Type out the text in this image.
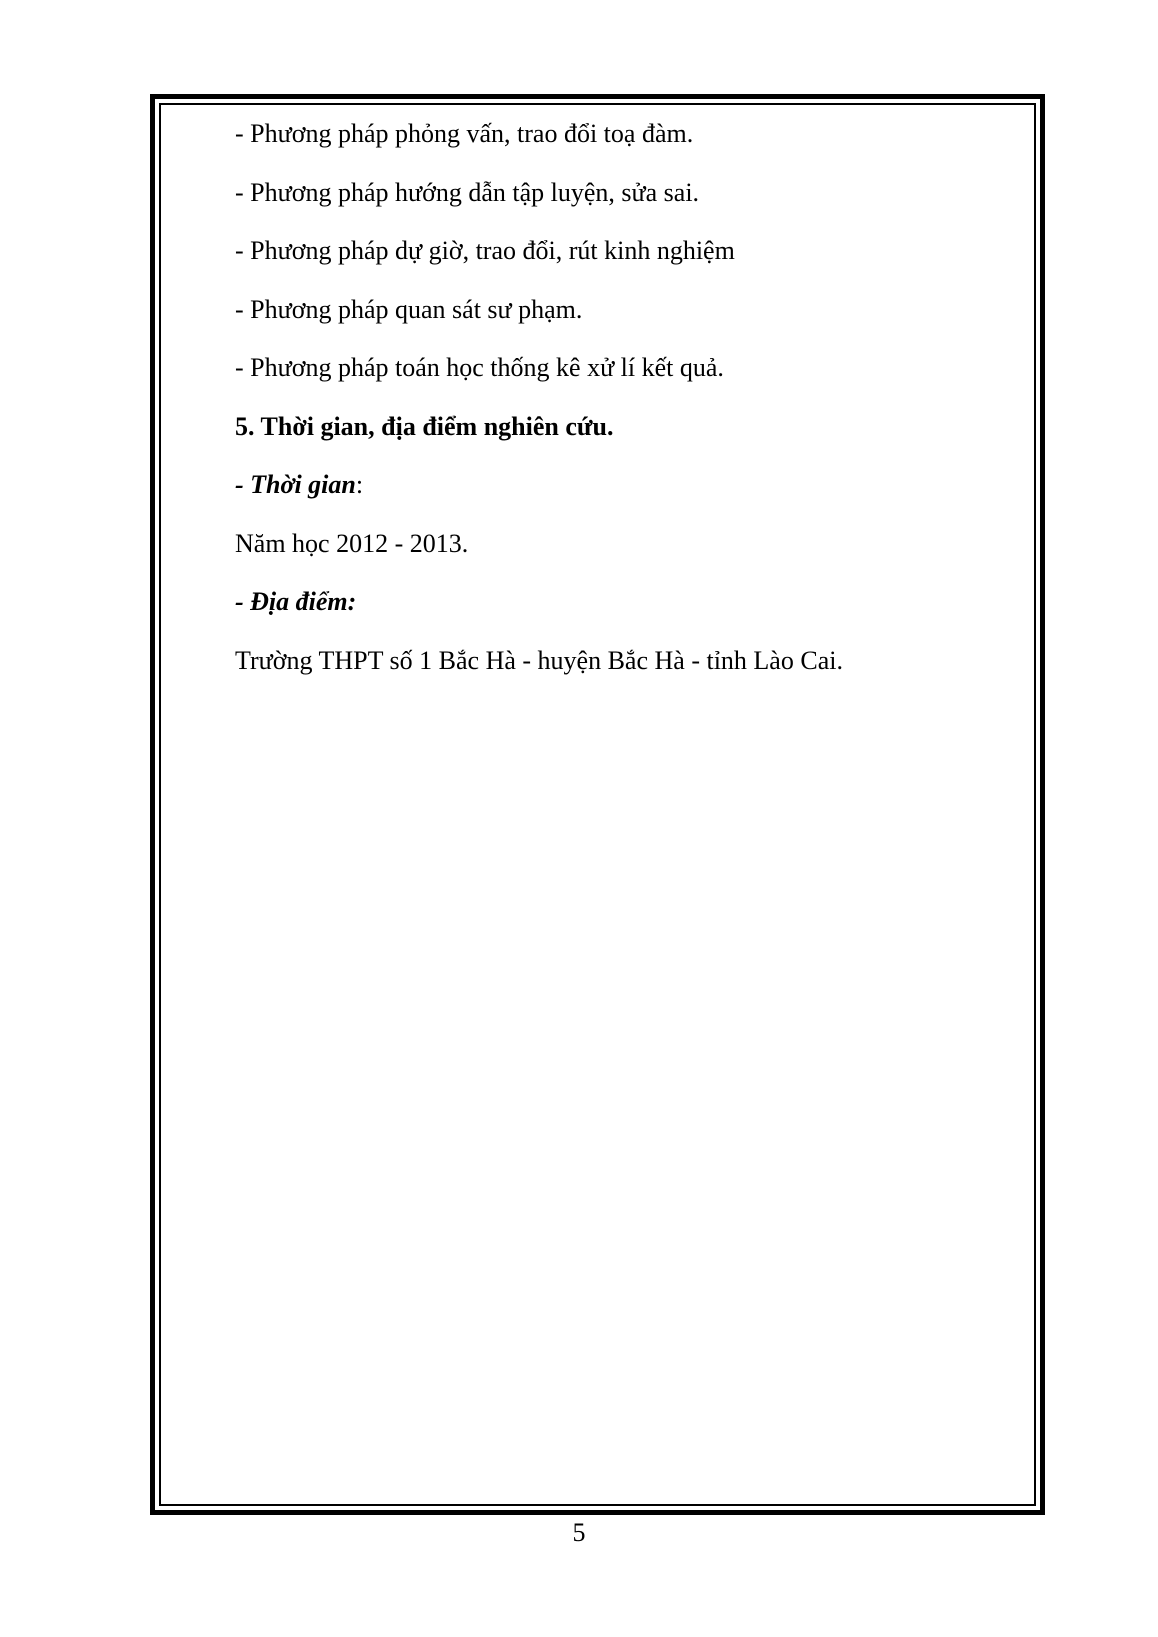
- Phương pháp phỏng vấn, trao đổi toạ đàm.

- Phương pháp hướng dẫn tập luyện, sửa sai.

- Phương pháp dự giờ, trao đổi, rút kinh nghiệm

- Phương pháp quan sát sư phạm.

- Phương pháp toán học thống kê xử lí kết quả.

5. Thời gian, địa điểm nghiên cứu.

- Thời gian:

Năm học 2012 - 2013.

- Địa điểm:

Trường THPT số 1 Bắc Hà - huyện Bắc Hà - tỉnh Lào Cai.

5
